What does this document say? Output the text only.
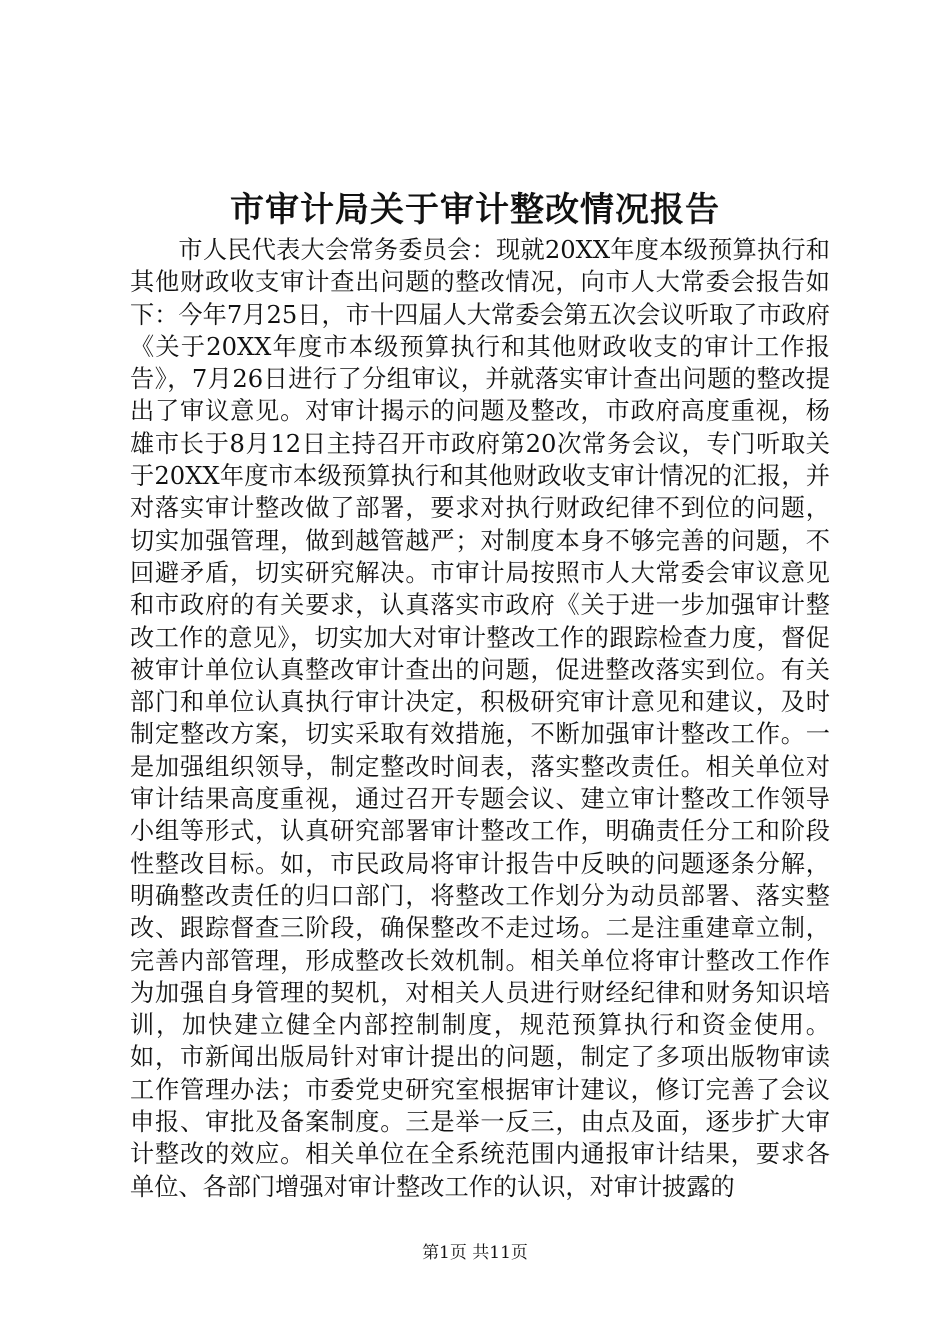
市审计局关于审计整改情况报告

市人民代表大会常务委员会：现就20XX年度本级预算执行和其他财政收支审计查出问题的整改情况，向市人大常委会报告如下：今年7月25日，市十四届人大常委会第五次会议听取了市政府《关于20XX年度市本级预算执行和其他财政收支的审计工作报告》，7月26日进行了分组审议，并就落实审计查出问题的整改提出了审议意见。对审计揭示的问题及整改，市政府高度重视，杨雄市长于8月12日主持召开市政府第20次常务会议，专门听取关于20XX年度市本级预算执行和其他财政收支审计情况的汇报，并对落实审计整改做了部署，要求对执行财政纪律不到位的问题，切实加强管理，做到越管越严；对制度本身不够完善的问题，不回避矛盾，切实研究解决。市审计局按照市人大常委会审议意见和市政府的有关要求，认真落实市政府《关于进一步加强审计整改工作的意见》，切实加大对审计整改工作的跟踪检查力度，督促被审计单位认真整改审计查出的问题，促进整改落实到位。有关部门和单位认真执行审计决定，积极研究审计意见和建议，及时制定整改方案，切实采取有效措施，不断加强审计整改工作。一是加强组织领导，制定整改时间表，落实整改责任。相关单位对审计结果高度重视，通过召开专题会议、建立审计整改工作领导小组等形式，认真研究部署审计整改工作，明确责任分工和阶段性整改目标。如，市民政局将审计报告中反映的问题逐条分解，明确整改责任的归口部门，将整改工作划分为动员部署、落实整改、跟踪督查三阶段，确保整改不走过场。二是注重建章立制，完善内部管理，形成整改长效机制。相关单位将审计整改工作作为加强自身管理的契机，对相关人员进行财经纪律和财务知识培训，加快建立健全内部控制制度，规范预算执行和资金使用。如，市新闻出版局针对审计提出的问题，制定了多项出版物审读工作管理办法；市委党史研究室根据审计建议，修订完善了会议申报、审批及备案制度。三是举一反三，由点及面，逐步扩大审计整改的效应。相关单位在全系统范围内通报审计结果，要求各单位、各部门增强对审计整改工作的认识，对审计披露的

第1页 共11页
